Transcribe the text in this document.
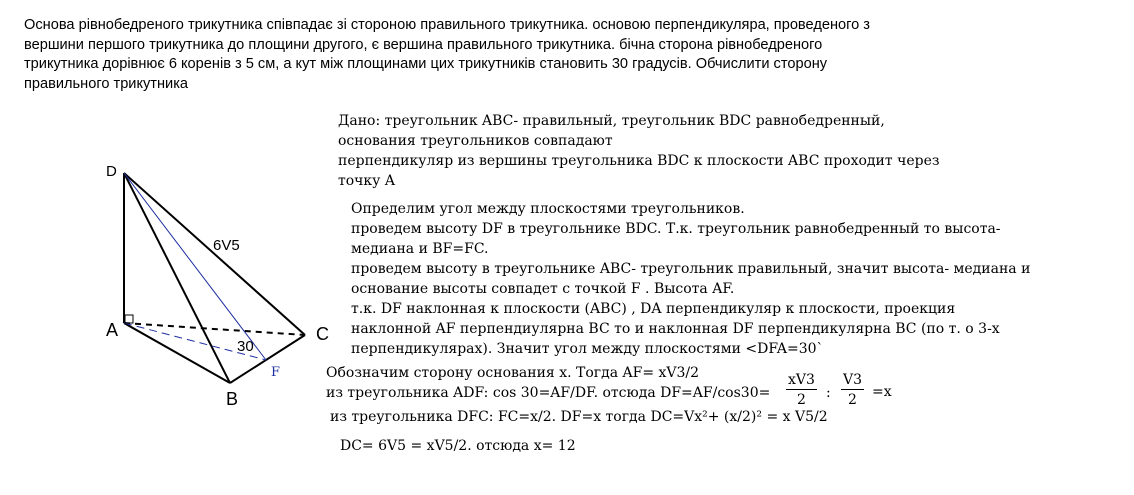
Основа рівнобедреного трикутника співпадає зі стороною правильного трикутника. основою перпендикуляра, проведеного з
вершини першого трикутника до площини другого, є вершина правильного трикутника. бічна сторона рівнобедреного
трикутника дорівнює 6 коренів з 5 см, а кут між площинами цих трикутників становить 30 градусів. Обчислити сторону
правильного трикутника
Дано: треугольник ABC- правильный, треугольник BDC равнобедренный,
основания треугольников совпадают
перпендикуляр из вершины треугольника BDC к плоскости ABC проходит через
точку A
Определим угол между плоскостями треугольников.
проведем высоту DF в треугольнике BDC. Т.к. треугольник равнобедренный то высота-
медиана и BF=FC.
проведем высоту в треугольнике ABC- треугольник правильный, значит высота- медиана и
основание высоты совпадет с точкой F . Высота AF.
т.к. DF наклонная к плоскости (ABC) , DA перпендикуляр к плоскости, проекция
наклонной AF перпендиулярна BC то и наклонная DF перпендикулярна BC (по т. о 3-х
перпендикулярах). Значит угол между плоскостями <DFA=30`
Обозначим сторону основания x. Тогда AF= xV3/2
из треугольника ADF: cos 30=AF/DF. отсюда $DF=AF/\cos 30= \frac{xV3}{2}$ : $\frac{V3}{2} =x$
из треугольника DFC: FC=x/2. DF=x тогда DC=Vx²+ (x/2)² = x V5/2
DC= 6V5 = xV5/2. отсюда x= 12
D
A
B
C
F
6V5
30
